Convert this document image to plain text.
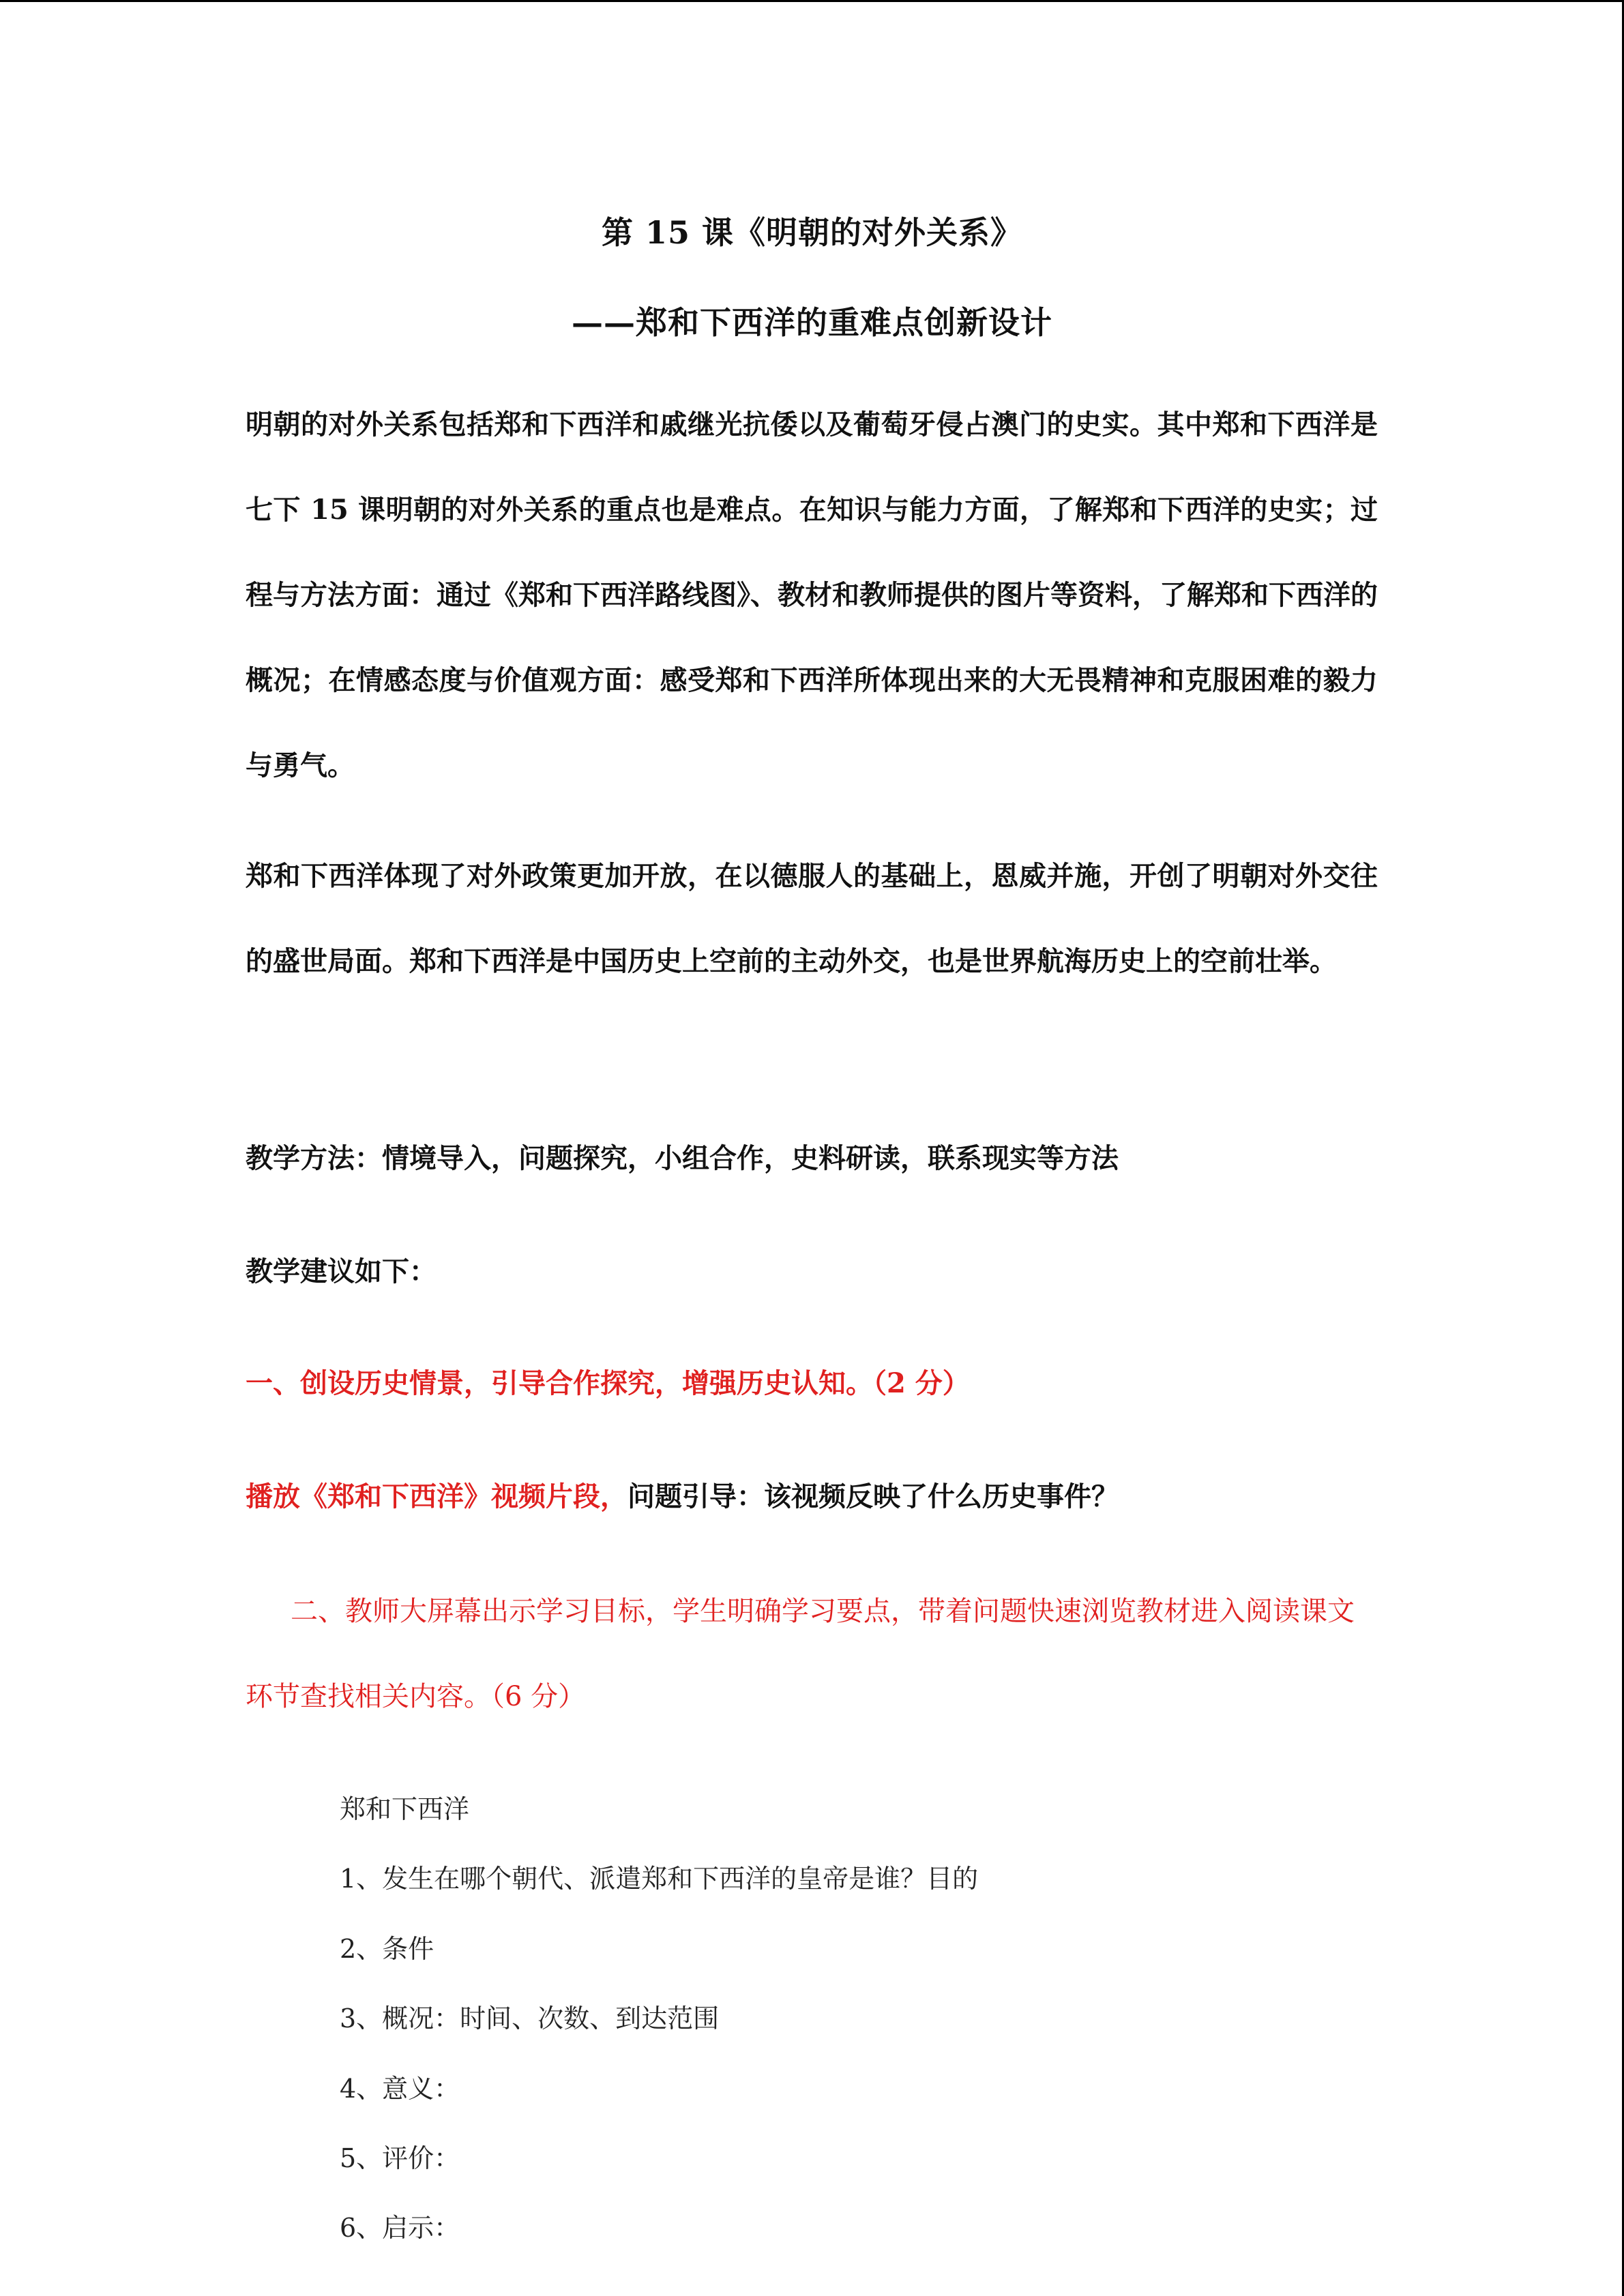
第 15 课《明朝的对外关系》
——郑和下西洋的重难点创新设计

明朝的对外关系包括郑和下西洋和戚继光抗倭以及葡萄牙侵占澳门的史实。其中郑和下西洋是七下 15 课明朝的对外关系的重点也是难点。在知识与能力方面，了解郑和下西洋的史实；过程与方法方面：通过《郑和下西洋路线图》、教材和教师提供的图片等资料，了解郑和下西洋的概况；在情感态度与价值观方面：感受郑和下西洋所体现出来的大无畏精神和克服困难的毅力与勇气。

郑和下西洋体现了对外政策更加开放，在以德服人的基础上，恩威并施，开创了明朝对外交往的盛世局面。郑和下西洋是中国历史上空前的主动外交，也是世界航海历史上的空前壮举。

教学方法：情境导入，问题探究，小组合作，史料研读，联系现实等方法

教学建议如下：

一、创设历史情景，引导合作探究，增强历史认知。（2 分）

播放《郑和下西洋》视频片段，问题引导：该视频反映了什么历史事件？

二、教师大屏幕出示学习目标，学生明确学习要点，带着问题快速浏览教材进入阅读课文环节查找相关内容。（6 分）

郑和下西洋

1、发生在哪个朝代、派遣郑和下西洋的皇帝是谁？目的

2、条件

3、概况：时间、次数、到达范围

4、意义：

5、评价：

6、启示：
